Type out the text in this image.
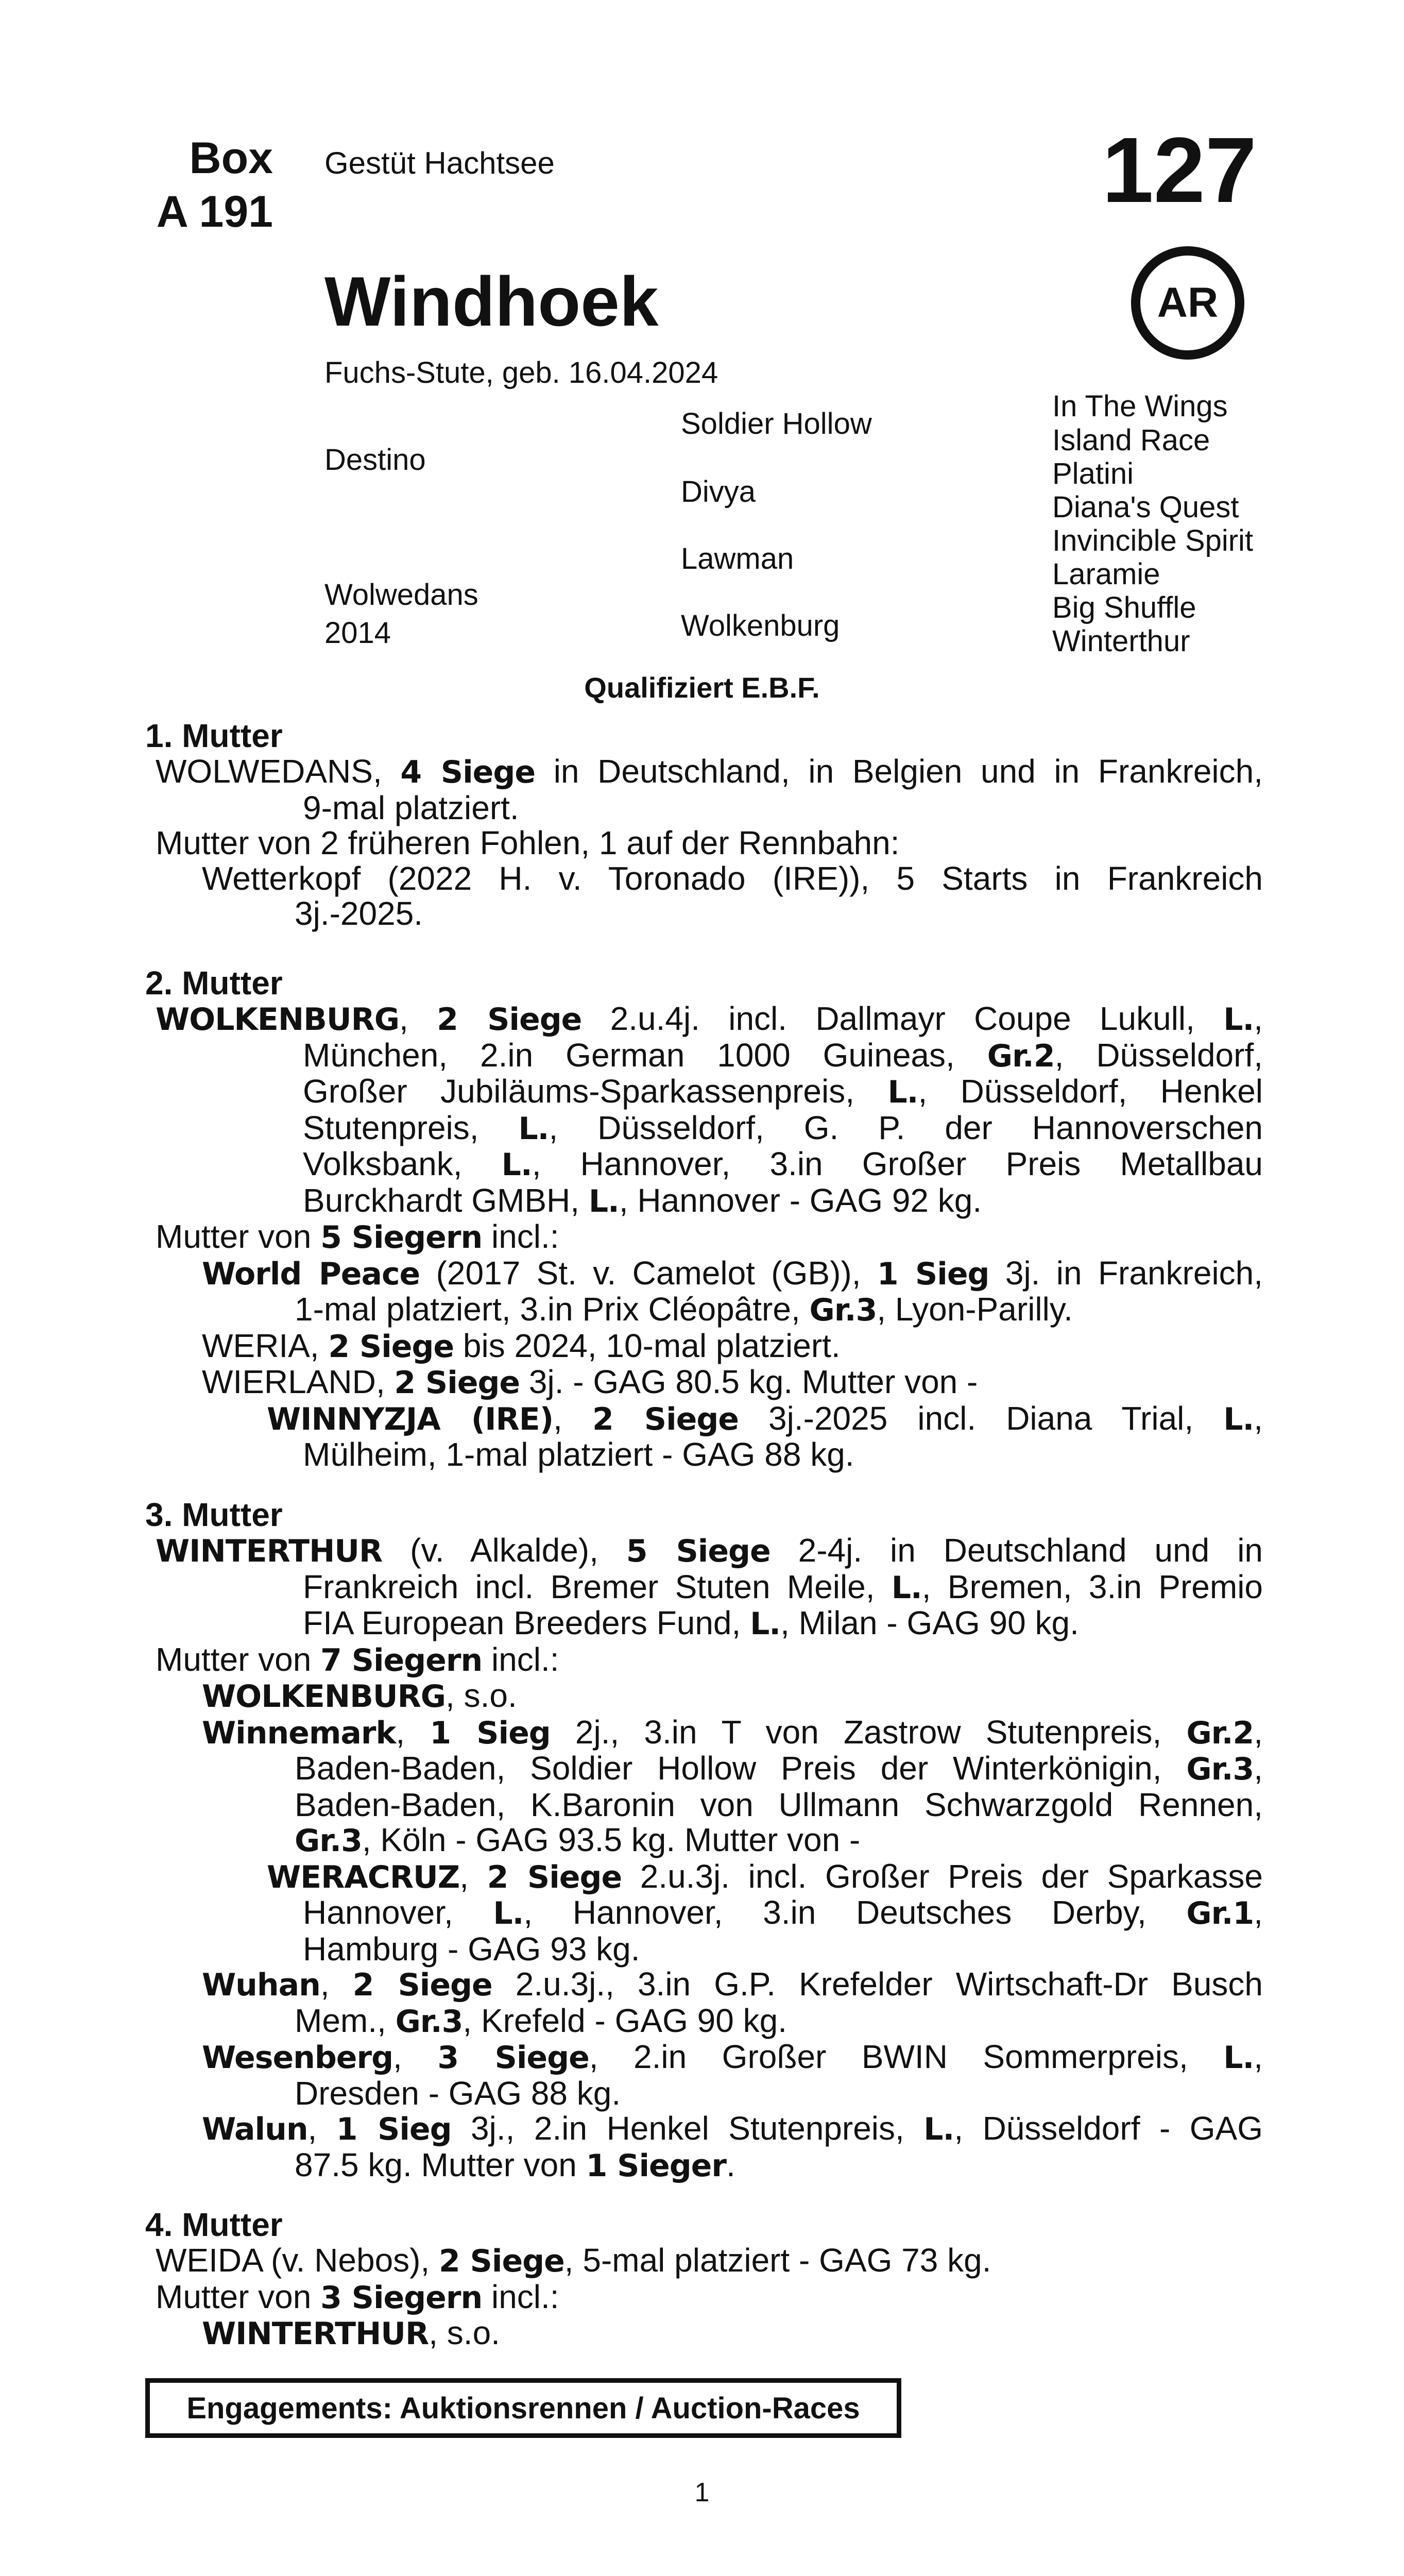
Box
A 191
Gestüt Hachtsee	127
AR
Windhoek
Fuchs-Stute, geb. 16.04.2024
Destino
Wolwedans
2014
Soldier Hollow
Divya
Lawman
Wolkenburg
In The Wings
Island Race
Platini
Diana's Quest
Invincible Spirit
Laramie
Big Shuffle
Winterthur
Qualifiziert E.B.F.
1. Mutter
WOLWEDANS, 4 Siege in Deutschland, in Belgien und in Frankreich,
9-mal platziert.
Mutter von 2 früheren Fohlen, 1 auf der Rennbahn:
Wetterkopf (2022 H. v. Toronado (IRE)), 5 Starts in Frankreich
3j.-2025.
2. Mutter
WOLKENBURG, 2 Siege 2.u.4j. incl. Dallmayr Coupe Lukull, L.,
München, 2.in German 1000 Guineas, Gr.2, Düsseldorf,
Großer Jubiläums-Sparkassenpreis, L., Düsseldorf, Henkel
Stutenpreis, L., Düsseldorf, G. P. der Hannoverschen
Volksbank, L., Hannover, 3.in Großer Preis Metallbau
Burckhardt GMBH, L., Hannover - GAG 92 kg.
Mutter von 5 Siegern incl.:
World Peace (2017 St. v. Camelot (GB)), 1 Sieg 3j. in Frankreich,
1-mal platziert, 3.in Prix Cléopâtre, Gr.3, Lyon-Parilly.
WERIA, 2 Siege bis 2024, 10-mal platziert.
WIERLAND, 2 Siege 3j. - GAG 80.5 kg. Mutter von -
WINNYZJA (IRE), 2 Siege 3j.-2025 incl. Diana Trial, L.,
Mülheim, 1-mal platziert - GAG 88 kg.
3. Mutter
WINTERTHUR (v. Alkalde), 5 Siege 2-4j. in Deutschland und in
Frankreich incl. Bremer Stuten Meile, L., Bremen, 3.in Premio
FIA European Breeders Fund, L., Milan - GAG 90 kg.
Mutter von 7 Siegern incl.:
WOLKENBURG, s.o.
Winnemark, 1 Sieg 2j., 3.in T von Zastrow Stutenpreis, Gr.2,
Baden-Baden, Soldier Hollow Preis der Winterkönigin, Gr.3,
Baden-Baden, K.Baronin von Ullmann Schwarzgold Rennen,
Gr.3, Köln - GAG 93.5 kg. Mutter von -
WERACRUZ, 2 Siege 2.u.3j. incl. Großer Preis der Sparkasse
Hannover, L., Hannover, 3.in Deutsches Derby, Gr.1,
Hamburg - GAG 93 kg.
Wuhan, 2 Siege 2.u.3j., 3.in G.P. Krefelder Wirtschaft-Dr Busch
Mem., Gr.3, Krefeld - GAG 90 kg.
Wesenberg, 3 Siege, 2.in Großer BWIN Sommerpreis, L.,
Dresden - GAG 88 kg.
Walun, 1 Sieg 3j., 2.in Henkel Stutenpreis, L., Düsseldorf - GAG
87.5 kg. Mutter von 1 Sieger.
4. Mutter
WEIDA (v. Nebos), 2 Siege, 5-mal platziert - GAG 73 kg.
Mutter von 3 Siegern incl.:
WINTERTHUR, s.o.
Engagements: Auktionsrennen / Auction-Races
1
